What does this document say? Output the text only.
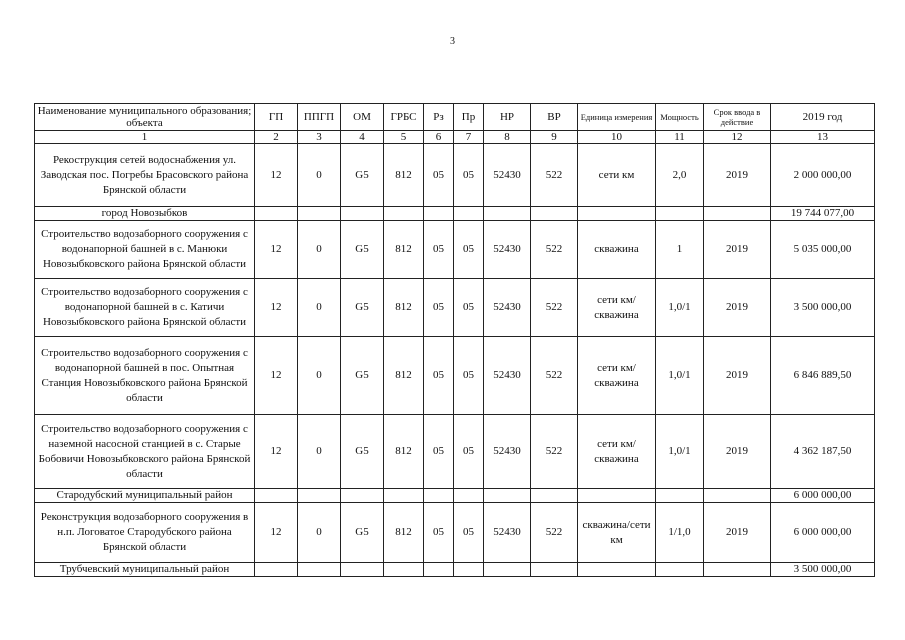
3
Наименование муниципального образования; объекта	ГП	ППГП	ОМ	ГРБС	Рз	Пр	НР	ВР	Единица измерения	Мощность	Срок ввода в действие	2019 год
1	2	3	4	5	6	7	8	9	10	11	12	13
Рекострукция сетей водоснабжения ул. Заводская пос. Погребы Брасовского района Брянской области	12	0	G5	812	05	05	52430	522	сети км	2,0	2019	2 000 000,00
город Новозыбков												19 744 077,00
Строительство водозаборного сооружения с водонапорной башней в с. Манюки Новозыбковского района Брянской области	12	0	G5	812	05	05	52430	522	скважина	1	2019	5 035 000,00
Строительство водозаборного сооружения с водонапорной башней в с. Катичи Новозыбковского района Брянской области	12	0	G5	812	05	05	52430	522	сети км/скважина	1,0/1	2019	3 500 000,00
Строительство водозаборного сооружения с водонапорной башней в пос. Опытная Станция Новозыбковского района Брянской области	12	0	G5	812	05	05	52430	522	сети км/скважина	1,0/1	2019	6 846 889,50
Строительство водозаборного сооружения с наземной насосной станцией в с. Старые Бобовичи Новозыбковского района Брянской области	12	0	G5	812	05	05	52430	522	сети км/скважина	1,0/1	2019	4 362 187,50
Стародубский муниципальный район												6 000 000,00
Реконструкция водозаборного сооружения в н.п. Логоватое Стародубского района Брянской области	12	0	G5	812	05	05	52430	522	скважина/сети км	1/1,0	2019	6 000 000,00
Трубчевский муниципальный район												3 500 000,00
